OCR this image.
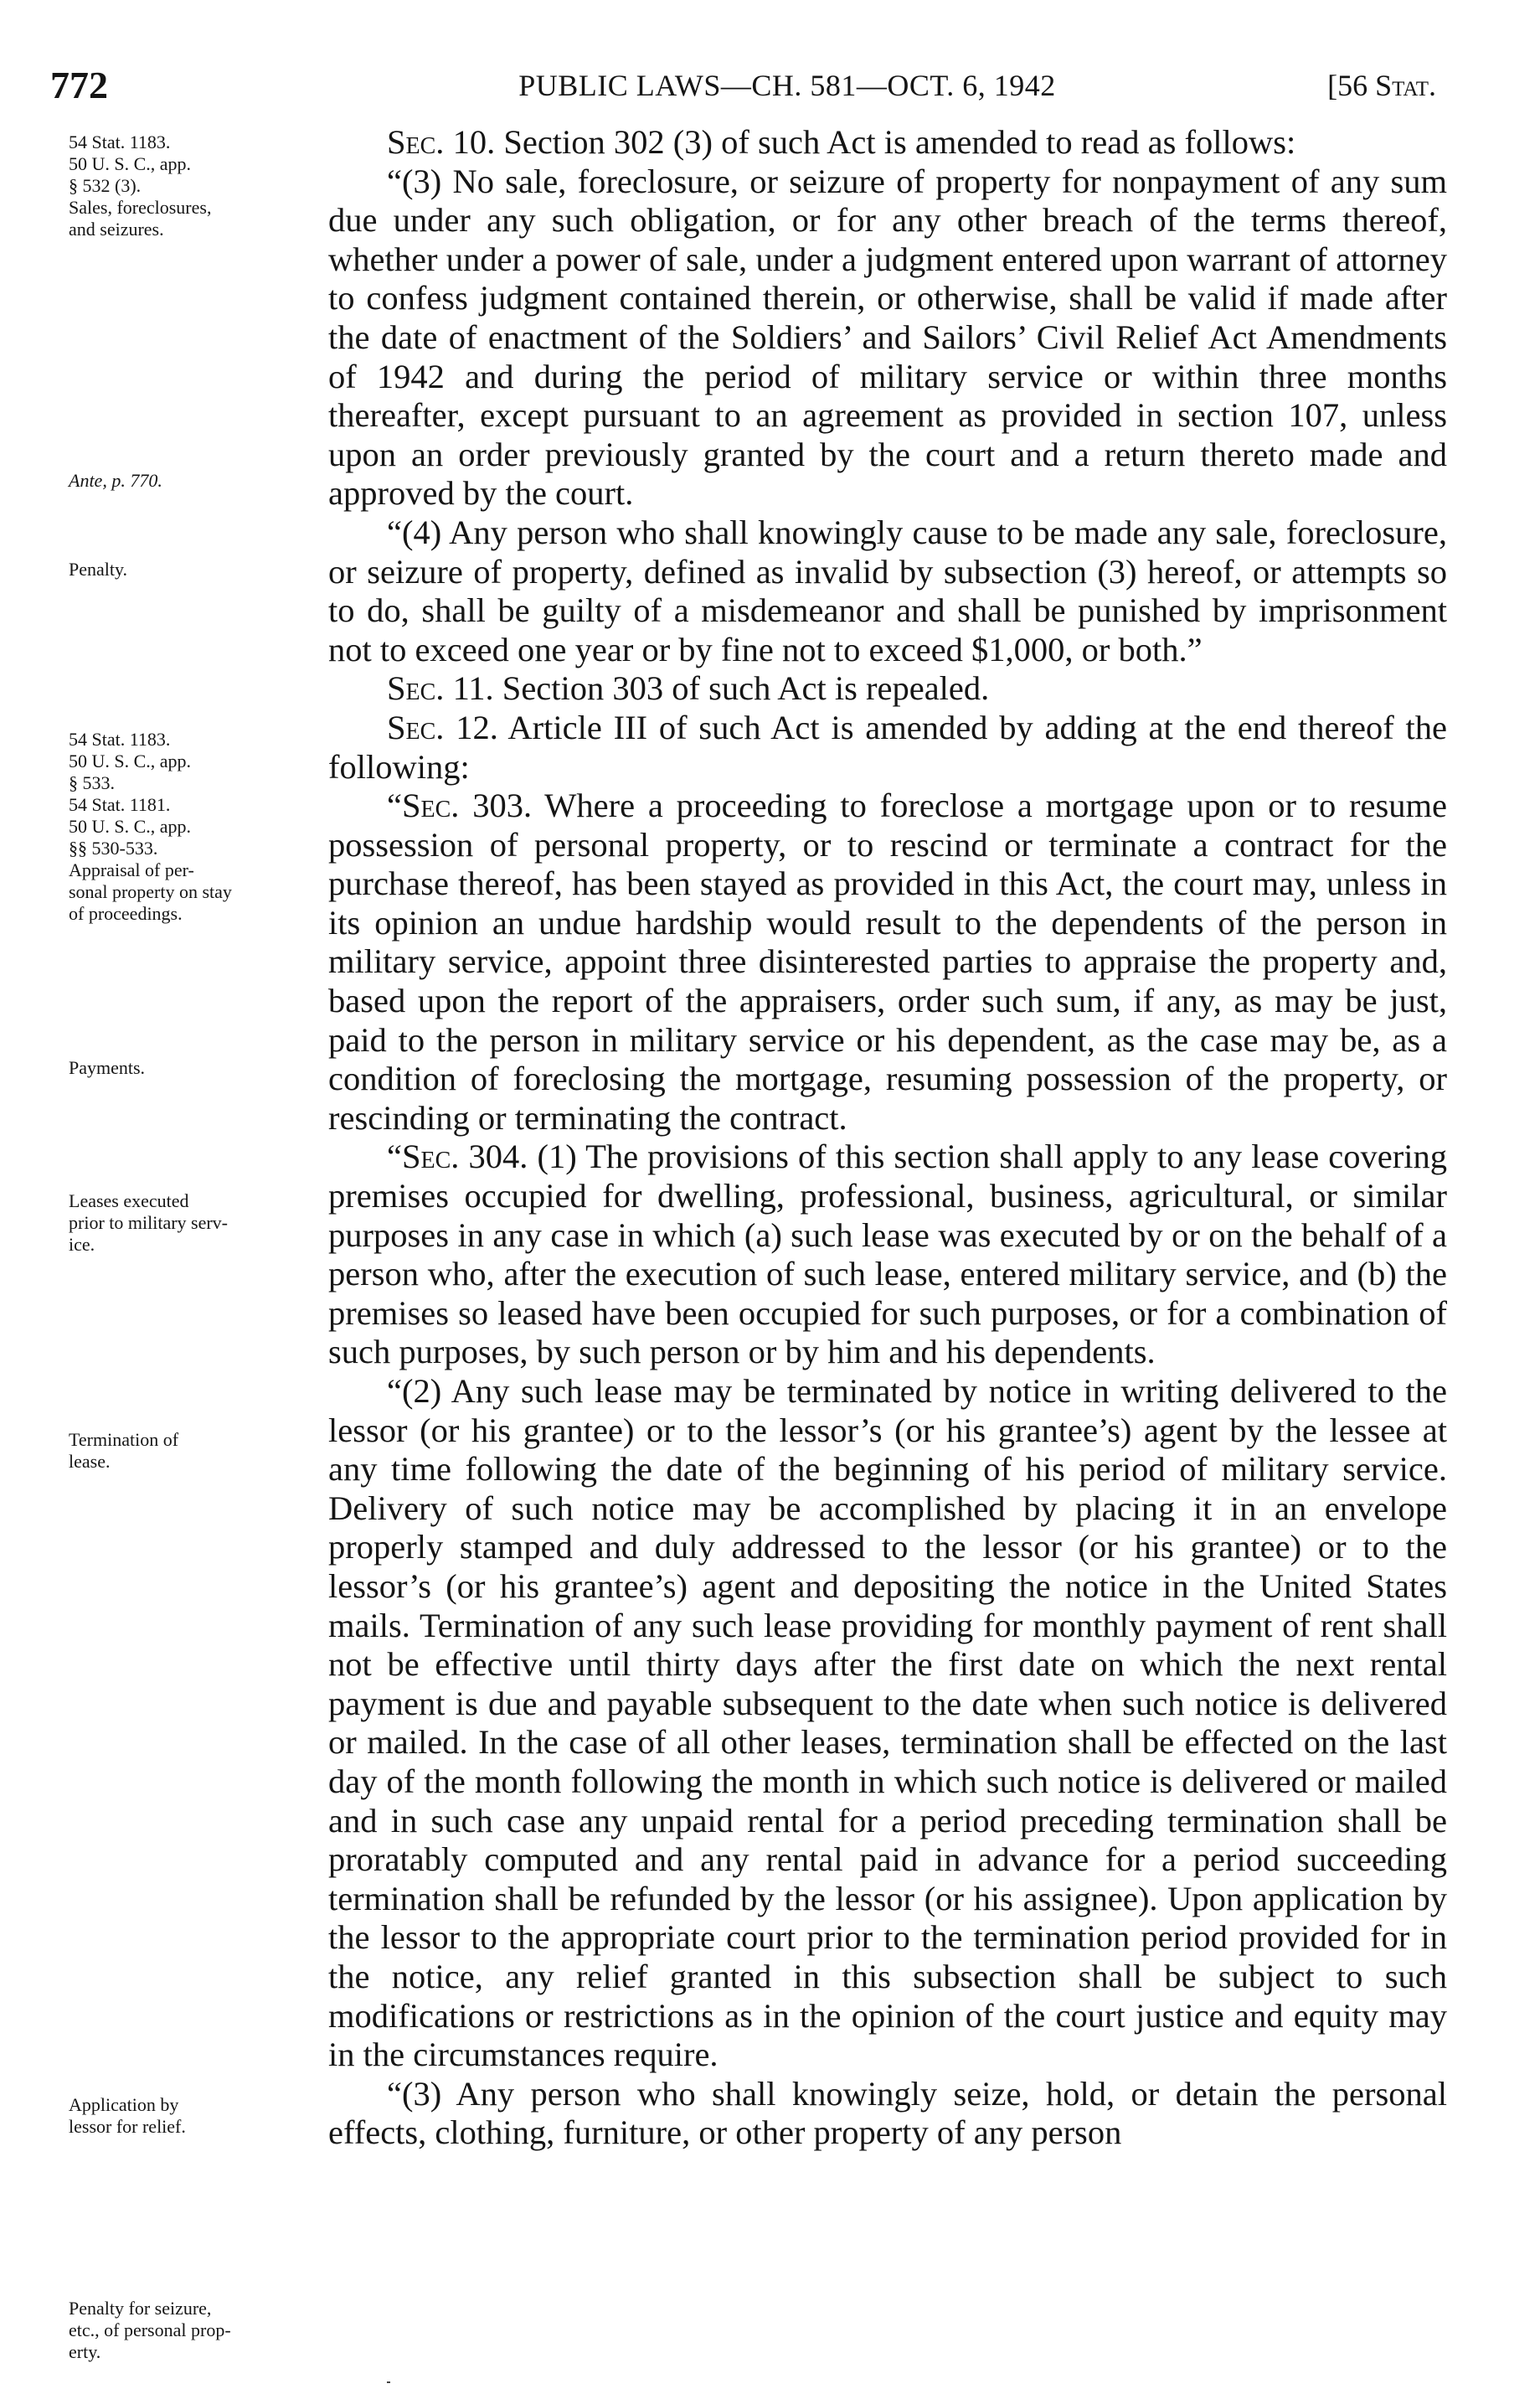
772	PUBLIC LAWS—CH. 581—OCT. 6, 1942	[56 Stat.
54 Stat. 1183.
50 U. S. C., app.
§ 532 (3).
Sales, foreclosures,
and seizures.
Ante, p. 770.
Penalty.
54 Stat. 1183.
50 U. S. C., app.
§ 533.
54 Stat. 1181.
50 U. S. C., app.
§§ 530-533.
Appraisal of per-
sonal property on stay
of proceedings.
Payments.
Leases executed
prior to military serv-
ice.
Termination of
lease.
Application by
lessor for relief.
Penalty for seizure,
etc., of personal prop-
erty.

Sec. 10. Section 302 (3) of such Act is amended to read as follows:

“(3) No sale, foreclosure, or seizure of property for nonpayment of any sum due under any such obligation, or for any other breach of the terms thereof, whether under a power of sale, under a judgment entered upon warrant of attorney to confess judgment contained therein, or otherwise, shall be valid if made after the date of enactment of the Soldiers’ and Sailors’ Civil Relief Act Amendments of 1942 and during the period of military service or within three months thereafter, except pursuant to an agreement as provided in section 107, unless upon an order previously granted by the court and a return thereto made and approved by the court.

“(4) Any person who shall knowingly cause to be made any sale, foreclosure, or seizure of property, defined as invalid by subsection (3) hereof, or attempts so to do, shall be guilty of a misdemeanor and shall be punished by imprisonment not to exceed one year or by fine not to exceed $1,000, or both.”

Sec. 11. Section 303 of such Act is repealed.

Sec. 12. Article III of such Act is amended by adding at the end thereof the following:

“Sec. 303. Where a proceeding to foreclose a mortgage upon or to resume possession of personal property, or to rescind or terminate a contract for the purchase thereof, has been stayed as provided in this Act, the court may, unless in its opinion an undue hardship would result to the dependents of the person in military service, appoint three disinterested parties to appraise the property and, based upon the report of the appraisers, order such sum, if any, as may be just, paid to the person in military service or his dependent, as the case may be, as a condition of foreclosing the mortgage, resuming possession of the property, or rescinding or terminating the contract.

“Sec. 304. (1) The provisions of this section shall apply to any lease covering premises occupied for dwelling, professional, business, agricultural, or similar purposes in any case in which (a) such lease was executed by or on the behalf of a person who, after the execution of such lease, entered military service, and (b) the premises so leased have been occupied for such purposes, or for a combination of such purposes, by such person or by him and his dependents.

“(2) Any such lease may be terminated by notice in writing delivered to the lessor (or his grantee) or to the lessor’s (or his grantee’s) agent by the lessee at any time following the date of the beginning of his period of military service. Delivery of such notice may be accomplished by placing it in an envelope properly stamped and duly addressed to the lessor (or his grantee) or to the lessor’s (or his grantee’s) agent and depositing the notice in the United States mails. Termination of any such lease providing for monthly payment of rent shall not be effective until thirty days after the first date on which the next rental payment is due and payable subsequent to the date when such notice is delivered or mailed. In the case of all other leases, termination shall be effected on the last day of the month following the month in which such notice is delivered or mailed and in such case any unpaid rental for a period preceding termination shall be proratably computed and any rental paid in advance for a period succeeding termination shall be refunded by the lessor (or his assignee). Upon application by the lessor to the appropriate court prior to the termination period provided for in the notice, any relief granted in this subsection shall be subject to such modifications or restrictions as in the opinion of the court justice and equity may in the circumstances require.

“(3) Any person who shall knowingly seize, hold, or detain the personal effects, clothing, furniture, or other property of any person
